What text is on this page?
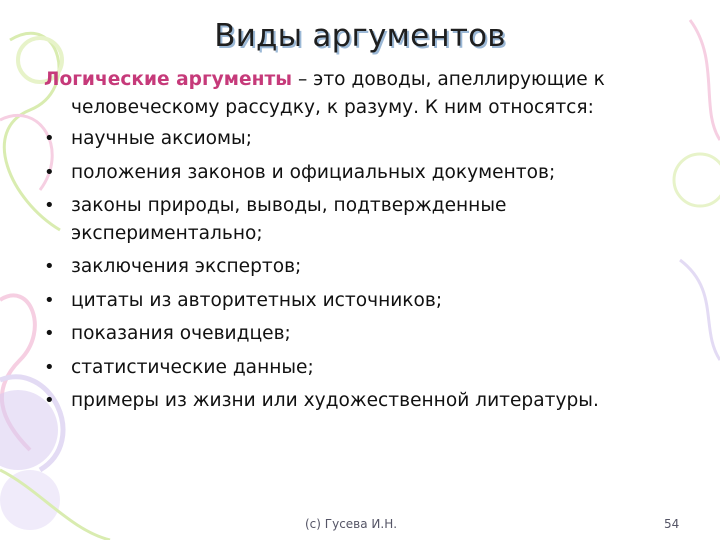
Виды аргументов

Логические аргументы – это доводы, апеллирующие к человеческому рассудку, к разуму. К ним относятся:

• научные аксиомы;
• положения законов и официальных документов;
• законы природы, выводы, подтвержденные экспериментально;
• заключения экспертов;
• цитаты из авторитетных источников;
• показания очевидцев;
• статистические данные;
• примеры из жизни или художественной литературы.
(c) Гусева И.Н.	54
